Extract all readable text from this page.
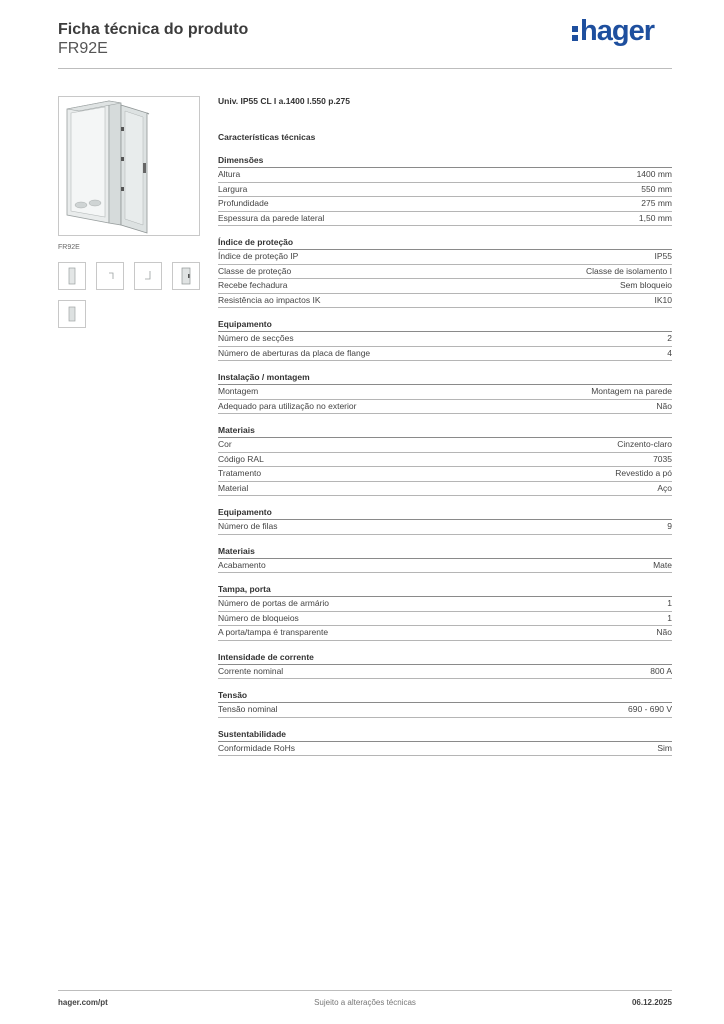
Ficha técnica do produto
FR92E
hager
FR92E
Univ. IP55 CL I a.1400 l.550 p.275
Características técnicas
Dimensões
Altura	1400 mm
Largura	550 mm
Profundidade	275 mm
Espessura da parede lateral	1,50 mm
Índice de proteção
Índice de proteção IP	IP55
Classe de proteção	Classe de isolamento I
Recebe fechadura	Sem bloqueio
Resistência ao impactos IK	IK10
Equipamento
Número de secções	2
Número de aberturas da placa de flange	4
Instalação / montagem
Montagem	Montagem na parede
Adequado para utilização no exterior	Não
Materiais
Cor	Cinzento-claro
Código RAL	7035
Tratamento	Revestido a pó
Material	Aço
Equipamento
Número de filas	9
Materiais
Acabamento	Mate
Tampa, porta
Número de portas de armário	1
Número de bloqueios	1
A porta/tampa é transparente	Não
Intensidade de corrente
Corrente nominal	800 A
Tensão
Tensão nominal	690 - 690 V
Sustentabilidade
Conformidade RoHs	Sim
hager.com/pt	Sujeito a alterações técnicas	06.12.2025
